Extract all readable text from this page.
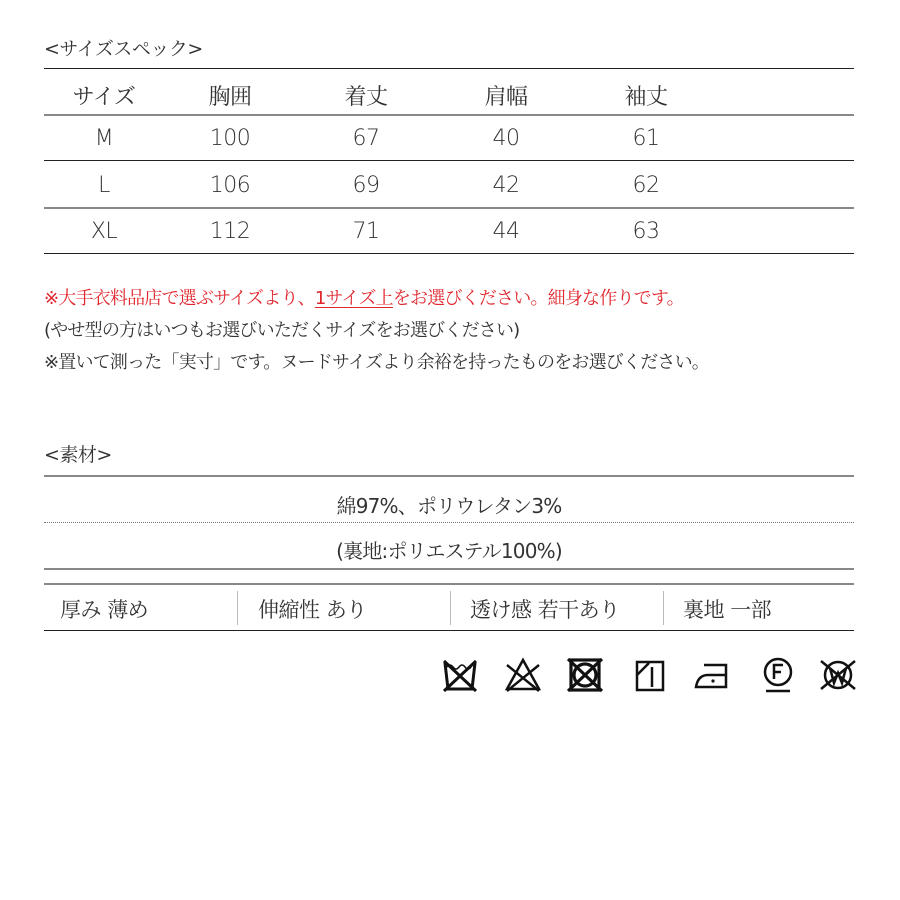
<サイズスペック>
サイズ	胸囲	着丈	肩幅	袖丈
M	100	67	40	61
L	106	69	42	62
XL	112	71	44	63
※大手衣料品店で選ぶサイズより、1サイズ上をお選びください。細身な作りです。
(やせ型の方はいつもお選びいただくサイズをお選びください)
※置いて測った「実寸」です。ヌードサイズより余裕を持ったものをお選びください。
<素材>
綿97%、ポリウレタン3%
(裏地:ポリエステル100%)
厚み 薄め	伸縮性 あり	透け感 若干あり	裏地 一部
